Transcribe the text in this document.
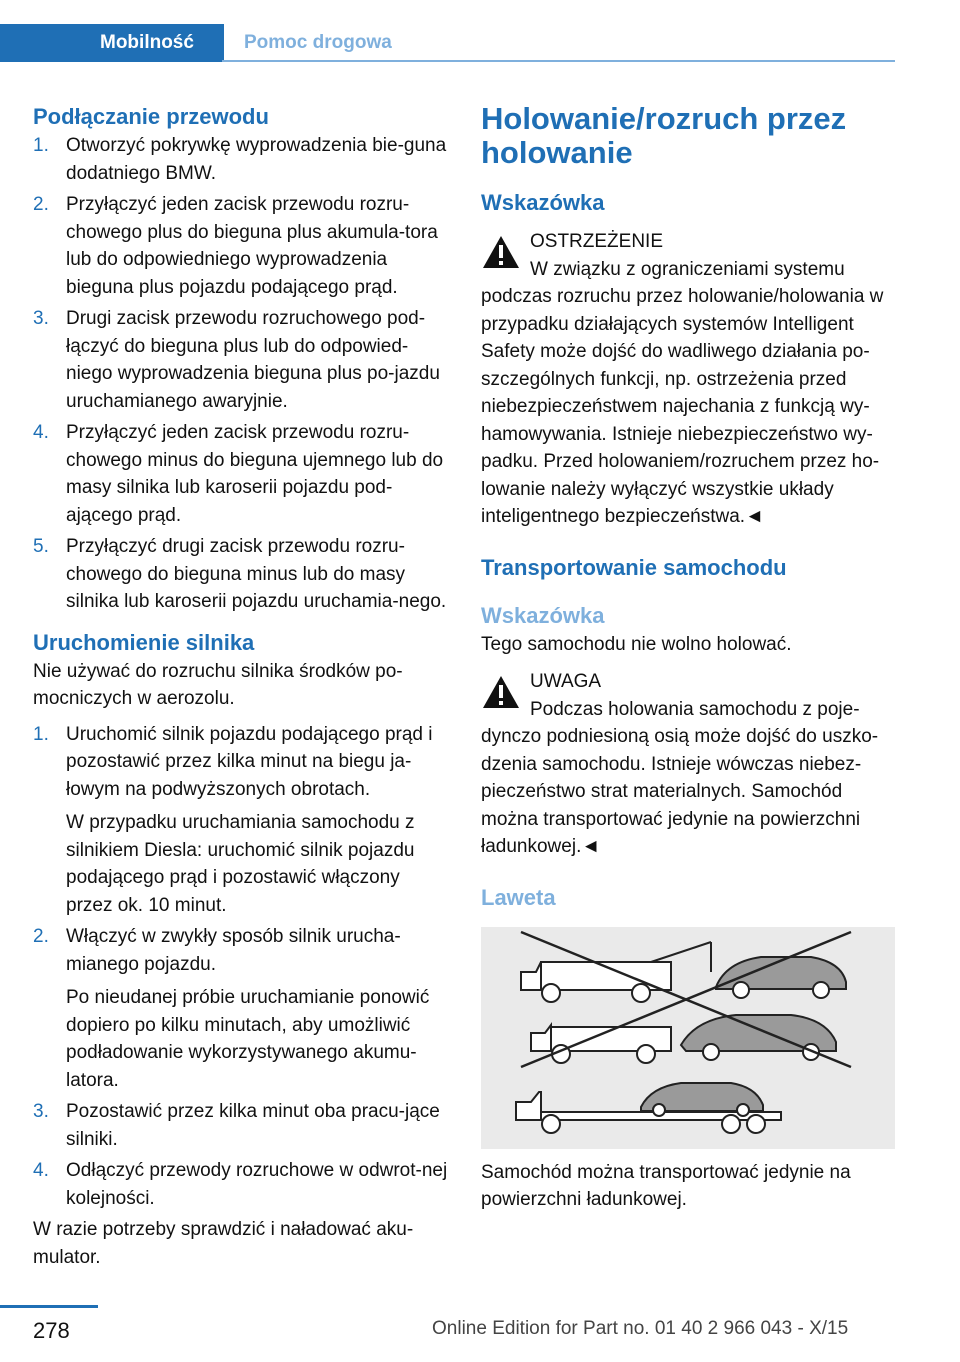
Mobilność	Pomoc drogowa
Podłączanie przewodu
1. Otworzyć pokrywkę wyprowadzenia bie-guna dodatniego BMW.
2. Przyłączyć jeden zacisk przewodu rozru-chowego plus do bieguna plus akumula-tora lub do odpowiedniego wyprowadzenia bieguna plus pojazdu podającego prąd.
3. Drugi zacisk przewodu rozruchowego pod-łączyć do bieguna plus lub do odpowied-niego wyprowadzenia bieguna plus po-jazdu uruchamianego awaryjnie.
4. Przyłączyć jeden zacisk przewodu rozru-chowego minus do bieguna ujemnego lub do masy silnika lub karoserii pojazdu pod-ającego prąd.
5. Przyłączyć drugi zacisk przewodu rozru-chowego do bieguna minus lub do masy silnika lub karoserii pojazdu uruchamia-nego.
Uruchomienie silnika

Nie używać do rozruchu silnika środków po-mocniczych w aerozolu.

1. Uruchomić silnik pojazdu podającego prąd i pozostawić przez kilka minut na biegu ja-łowym na podwyższonych obrotach.
W przypadku uruchamiania samochodu z silnikiem Diesla: uruchomić silnik pojazdu podającego prąd i pozostawić włączony przez ok. 10 minut.
2. Włączyć w zwykły sposób silnik urucha-mianego pojazdu.
Po nieudanej próbie uruchamianie ponowić dopiero po kilku minutach, aby umożliwić podładowanie wykorzystywanego akumu-latora.
3. Pozostawić przez kilka minut oba pracu-jące silniki.
4. Odłączyć przewody rozruchowe w odwrot-nej kolejności.

W razie potrzeby sprawdzić i naładować aku-mulator.

Holowanie/rozruch przez holowanie
Wskazówka
OSTRZEŻENIE
W związku z ograniczeniami systemu
podczas rozruchu przez holowanie/holowania w przypadku działających systemów Intelligent Safety może dojść do wadliwego działania po-szczególnych funkcji, np. ostrzeżenia przed niebezpieczeństwem najechania z funkcją wy-hamowywania. Istnieje niebezpieczeństwo wy-padku. Przed holowaniem/rozruchem przez ho-lowanie należy wyłączyć wszystkie układy inteligentnego bezpieczeństwa.◄
Transportowanie samochodu
Wskazówka

Tego samochodu nie wolno holować.

UWAGA
Podczas holowania samochodu z poje-
dynczo podniesioną osią może dojść do uszko-dzenia samochodu. Istnieje wówczas niebez-pieczeństwo strat materialnych. Samochód można transportować jedynie na powierzchni ładunkowej.◄
Laweta

Samochód można transportować jedynie na powierzchni ładunkowej.

278	Online Edition for Part no. 01 40 2 966 043 - X/15
